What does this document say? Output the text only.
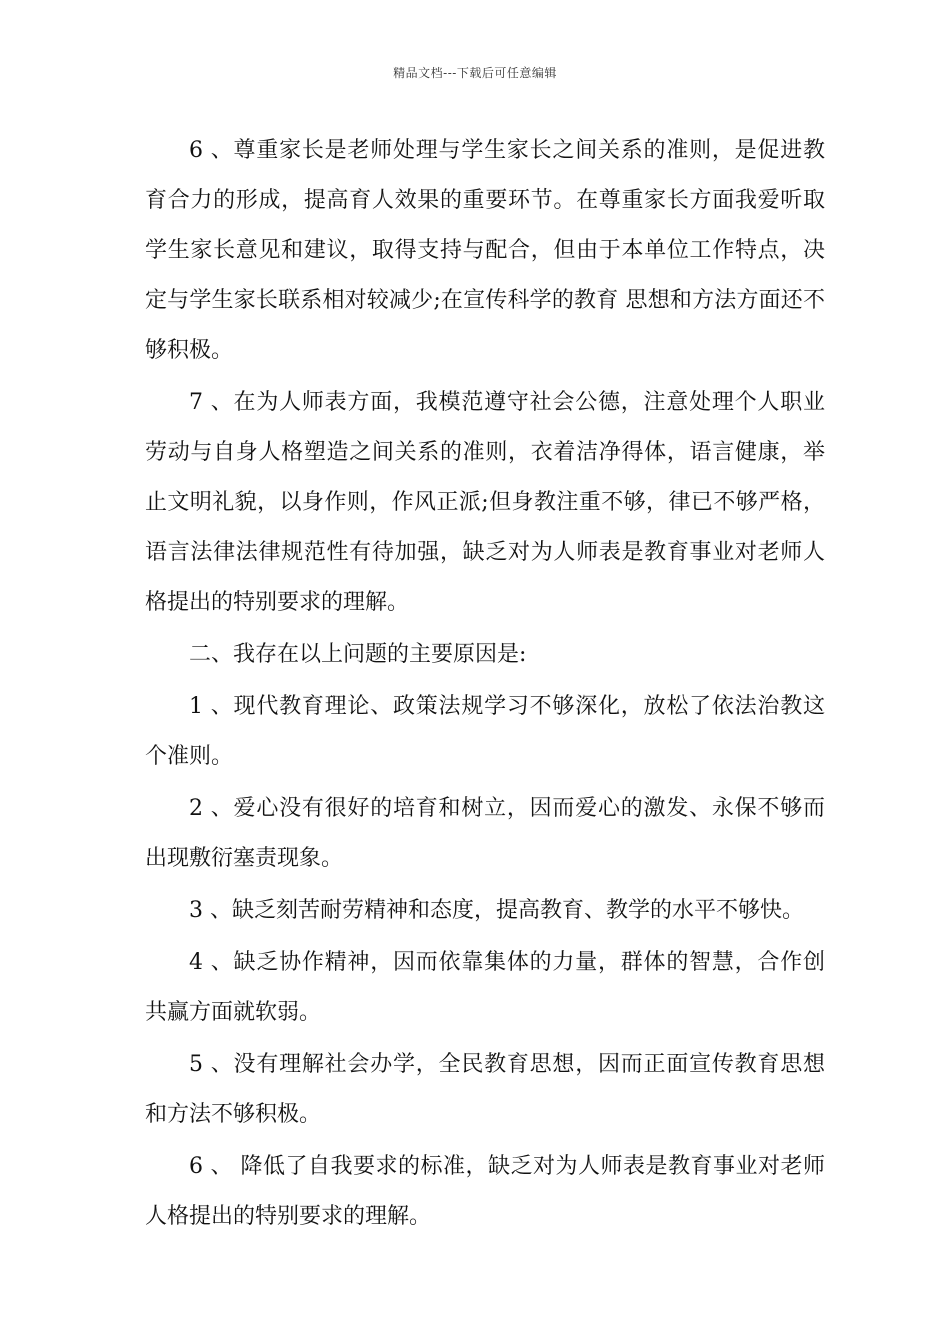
精品文档---下载后可任意编辑

6 、尊重家长是老师处理与学生家长之间关系的准则，是促进教育合力的形成，提高育人效果的重要环节。在尊重家长方面我爱听取学生家长意见和建议，取得支持与配合，但由于本单位工作特点，决定与学生家长联系相对较减少;在宣传科学的教育 思想和方法方面还不够积极。

7 、在为人师表方面，我模范遵守社会公德，注意处理个人职业劳动与自身人格塑造之间关系的准则，衣着洁净得体，语言健康，举止文明礼貌，以身作则，作风正派;但身教注重不够，律已不够严格，语言法律法律规范性有待加强，缺乏对为人师表是教育事业对老师人格提出的特别要求的理解。

二、我存在以上问题的主要原因是:

1 、现代教育理论、政策法规学习不够深化，放松了依法治教这个准则。

2 、爱心没有很好的培育和树立，因而爱心的激发、永保不够而出现敷衍塞责现象。

3 、缺乏刻苦耐劳精神和态度，提高教育、教学的水平不够快。

4 、缺乏协作精神，因而依靠集体的力量，群体的智慧，合作创共赢方面就软弱。

5 、没有理解社会办学，全民教育思想，因而正面宣传教育思想和方法不够积极。

6 、 降低了自我要求的标准，缺乏对为人师表是教育事业对老师人格提出的特别要求的理解。
